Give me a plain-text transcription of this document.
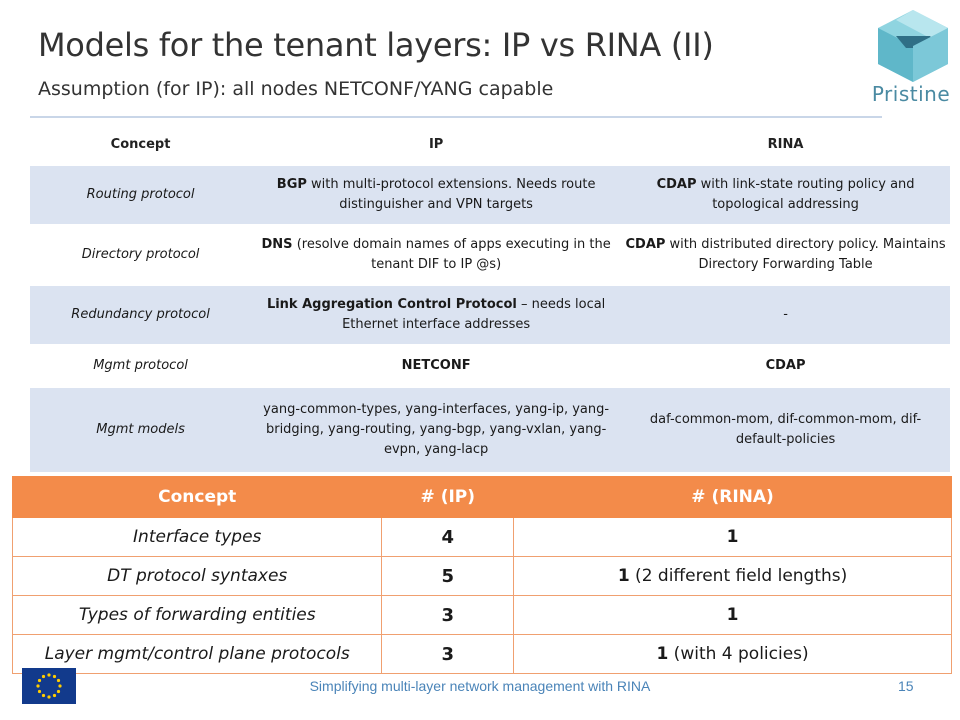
Models for the tenant layers: IP vs RINA (II)
Assumption (for IP): all nodes NETCONF/YANG capable	Pristine
Concept	IP	RINA
Routing protocol	BGP with multi-protocol extensions. Needs route distinguisher and VPN targets	CDAP with link-state routing policy and topological addressing
Directory protocol	DNS (resolve domain names of apps executing in the tenant DIF to IP @s)	CDAP with distributed directory policy. Maintains Directory Forwarding Table
Redundancy protocol	Link Aggregation Control Protocol – needs local Ethernet interface addresses	-
Mgmt protocol	NETCONF	CDAP
Mgmt models	yang-common-types, yang-interfaces, yang-ip, yang-bridging, yang-routing, yang-bgp, yang-vxlan, yang-evpn, yang-lacp	daf-common-mom, dif-common-mom, dif-default-policies
Concept	# (IP)	# (RINA)
Interface types	4	1
DT protocol syntaxes	5	1 (2 different field lengths)
Types of forwarding entities	3	1
Layer mgmt/control plane protocols	3	1 (with 4 policies)
Simplifying multi-layer network management with RINA	15
